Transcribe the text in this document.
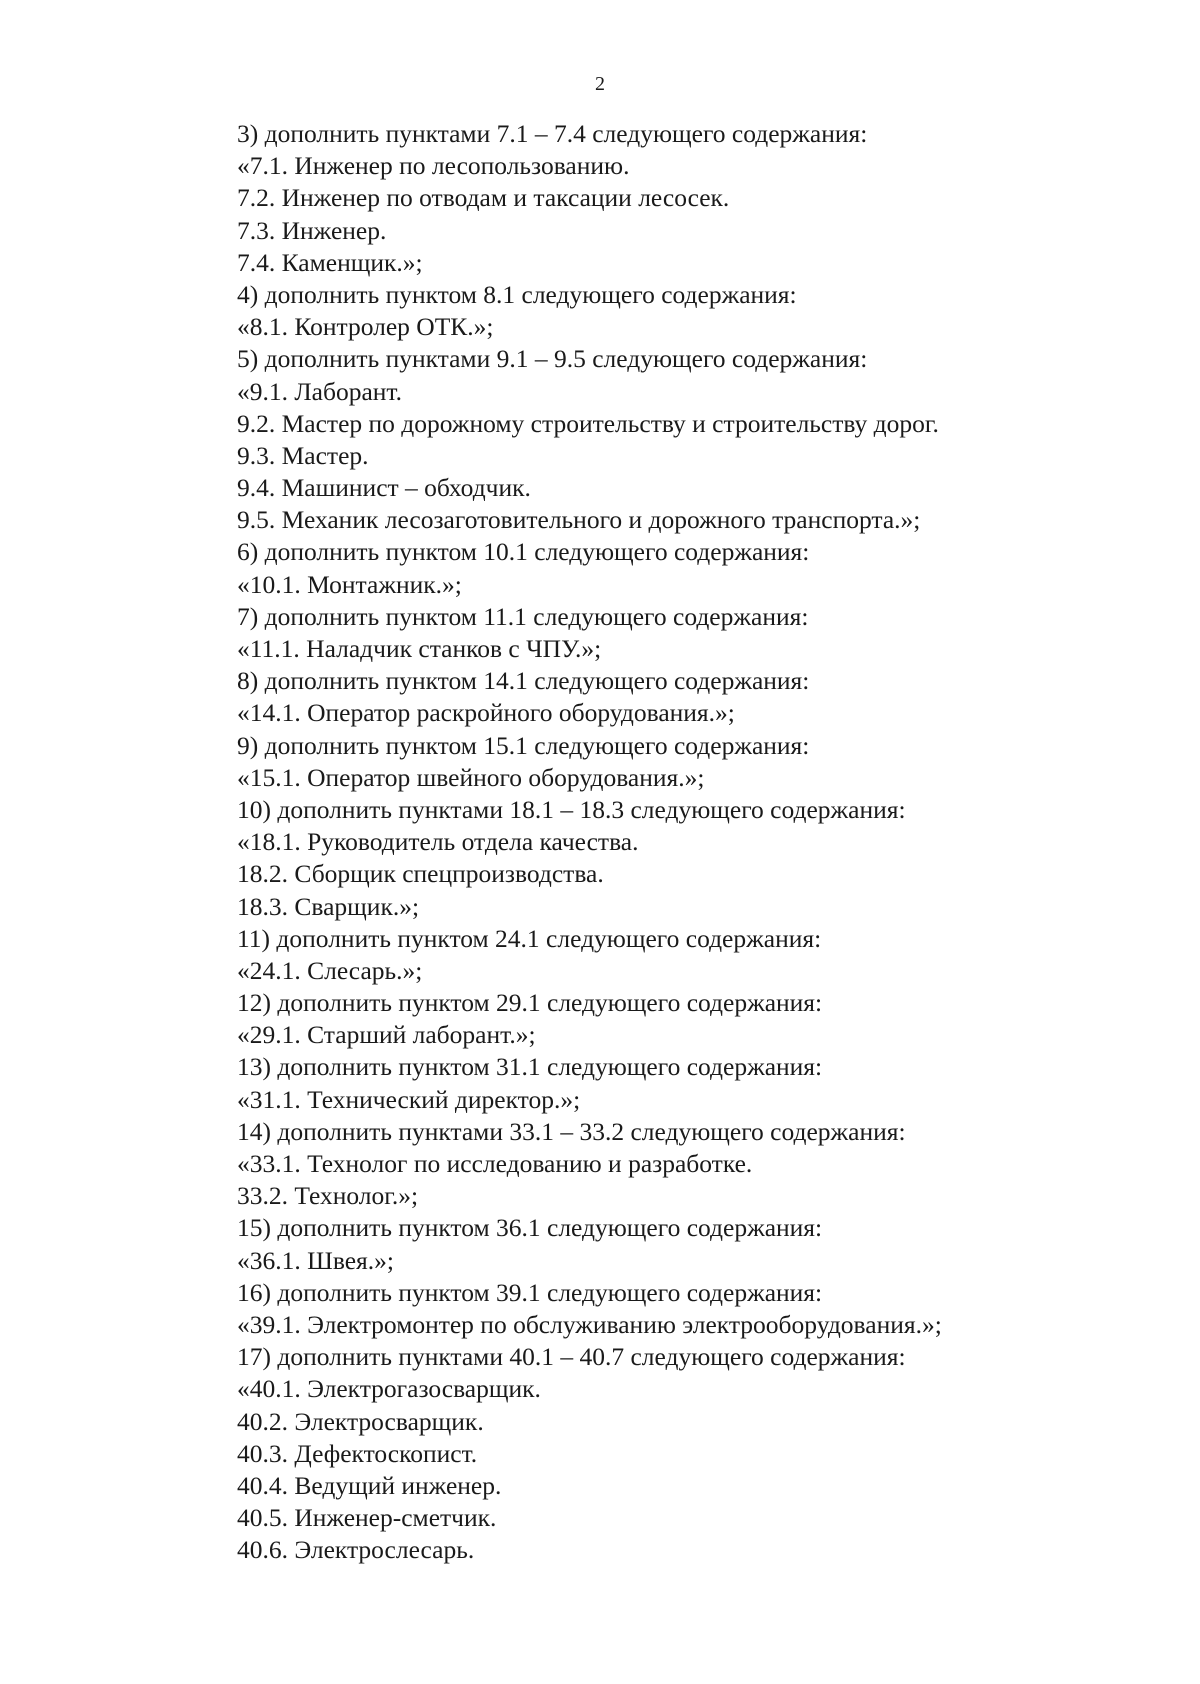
2
3) дополнить пунктами 7.1 – 7.4 следующего содержания:
«7.1. Инженер по лесопользованию.
7.2. Инженер по отводам и таксации лесосек.
7.3. Инженер.
7.4. Каменщик.»;
4) дополнить пунктом 8.1 следующего содержания:
«8.1. Контролер ОТК.»;
5) дополнить пунктами 9.1 – 9.5 следующего содержания:
«9.1. Лаборант.
9.2. Мастер по дорожному строительству и строительству дорог.
9.3. Мастер.
9.4. Машинист – обходчик.
9.5. Механик лесозаготовительного и дорожного транспорта.»;
6) дополнить пунктом 10.1 следующего содержания:
«10.1. Монтажник.»;
7) дополнить пунктом 11.1 следующего содержания:
«11.1. Наладчик станков с ЧПУ.»;
8) дополнить пунктом 14.1 следующего содержания:
«14.1. Оператор раскройного оборудования.»;
9) дополнить пунктом 15.1 следующего содержания:
«15.1. Оператор швейного оборудования.»;
10) дополнить пунктами 18.1 – 18.3 следующего содержания:
«18.1. Руководитель отдела качества.
18.2. Сборщик спецпроизводства.
18.3. Сварщик.»;
11) дополнить пунктом 24.1 следующего содержания:
«24.1. Слесарь.»;
12) дополнить пунктом 29.1 следующего содержания:
«29.1. Старший лаборант.»;
13) дополнить пунктом 31.1 следующего содержания:
«31.1. Технический директор.»;
14) дополнить пунктами 33.1 – 33.2 следующего содержания:
«33.1. Технолог по исследованию и разработке.
33.2. Технолог.»;
15) дополнить пунктом 36.1 следующего содержания:
«36.1. Швея.»;
16) дополнить пунктом 39.1 следующего содержания:
«39.1. Электромонтер по обслуживанию электрооборудования.»;
17) дополнить пунктами 40.1 – 40.7 следующего содержания:
«40.1. Электрогазосварщик.
40.2. Электросварщик.
40.3. Дефектоскопист.
40.4. Ведущий инженер.
40.5. Инженер-сметчик.
40.6. Электрослесарь.
